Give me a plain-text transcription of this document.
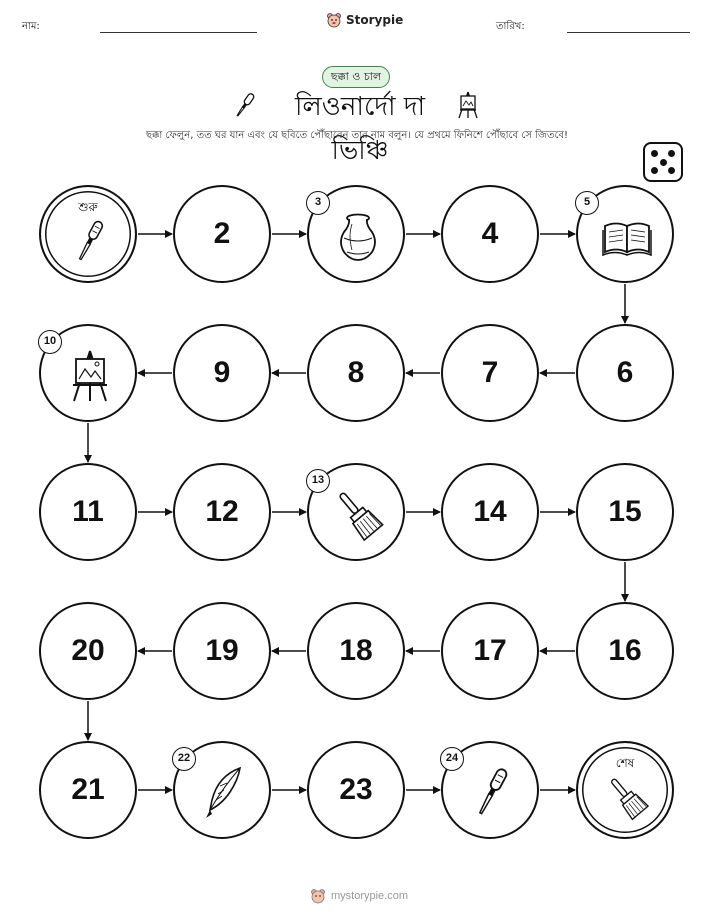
নাম:	Storypie	তারিখ:
ছক্কা ও চাল
লিওনার্দো দা ভিঞ্চি
ছক্কা ফেলুন, তত ঘর যান এবং যে ছবিতে পৌঁছাবেন তার নাম বলুন। যে প্রথমে ফিনিশে পৌঁছাবে সে জিতবে!
শুরু
2
3
4
5
6
7
8
9
10
11	12
13
14	15
16
17
18
19
20
21
22
23
24	শেষ
mystorypie.com
